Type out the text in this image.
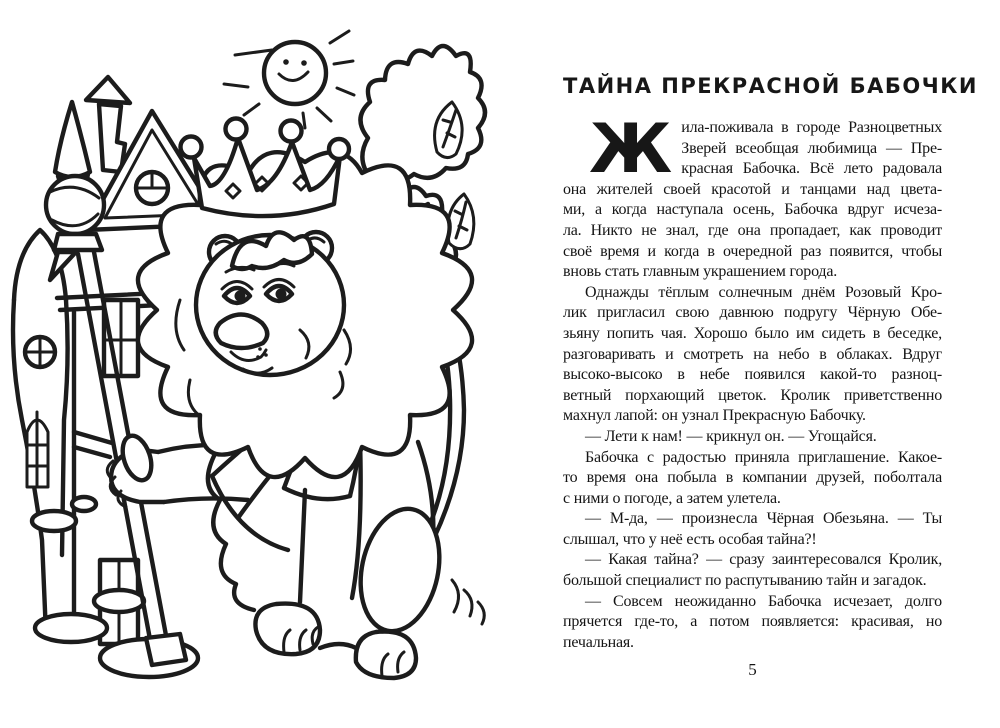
ТАЙНА ПРЕКРАСНОЙ БАБОЧКИ

Ж ила-поживала в городе Разноцветных
Зверей всеобщая любимица — Пре-
красная Бабочка. Всё лето радовала
она жителей своей красотой и танцами над цвета-
ми, а когда наступала осень, Бабочка вдруг исчеза-
ла. Никто не знал, где она пропадает, как проводит
своё время и когда в очередной раз появится, чтобы
вновь стать главным украшением города.

Однажды тёплым солнечным днём Розовый Кро-
лик пригласил свою давнюю подругу Чёрную Обе-
зьяну попить чая. Хорошо было им сидеть в беседке,
разговаривать и смотреть на небо в облаках. Вдруг
высоко-высоко в небе появился какой-то разноц-
ветный порхающий цветок. Кролик приветственно
махнул лапой: он узнал Прекрасную Бабочку.

— Лети к нам! — крикнул он. — Угощайся.

Бабочка с радостью приняла приглашение. Какое-
то время она побыла в компании друзей, поболтала
с ними о погоде, а затем улетела.

— М-да, — произнесла Чёрная Обезьяна. — Ты
слышал, что у неё есть особая тайна?!

— Какая тайна? — сразу заинтересовался Кролик,
большой специалист по распутыванию тайн и загадок.

— Совсем неожиданно Бабочка исчезает, долго
прячется где-то, а потом появляется: красивая, но
печальная.

5
